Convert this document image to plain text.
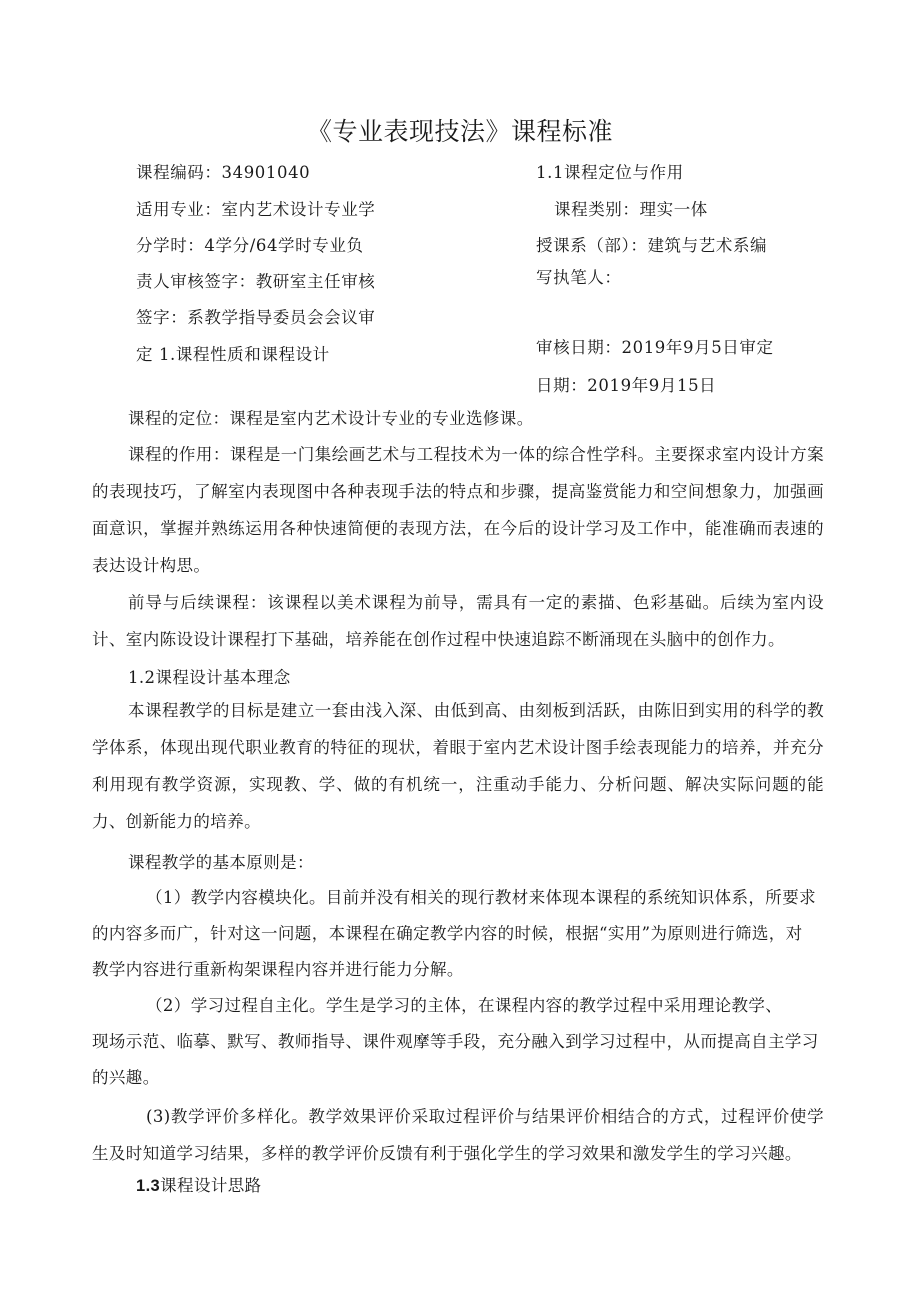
《专业表现技法》课程标准
课程编码：34901040
适用专业：室内艺术设计专业学
分学时：4学分/64学时专业负
责人审核签字：教研室主任审核
签字：系教学指导委员会会议审
定 1.课程性质和课程设计
1.1课程定位与作用
课程类别：理实一体
授课系（部）：建筑与艺术系编
写执笔人：
审核日期：2019年9月5日审定
日期：2019年9月15日

课程的定位：课程是室内艺术设计专业的专业选修课。

课程的作用：课程是一门集绘画艺术与工程技术为一体的综合性学科。主要探求室内设计方案的表现技巧，了解室内表现图中各种表现手法的特点和步骤，提高鉴赏能力和空间想象力，加强画面意识，掌握并熟练运用各种快速简便的表现方法，在今后的设计学习及工作中，能准确而表速的表达设计构思。

前导与后续课程：该课程以美术课程为前导，需具有一定的素描、色彩基础。后续为室内设计、室内陈设设计课程打下基础，培养能在创作过程中快速追踪不断涌现在头脑中的创作力。

1.2课程设计基本理念

本课程教学的目标是建立一套由浅入深、由低到高、由刻板到活跃，由陈旧到实用的科学的教学体系，体现出现代职业教育的特征的现状，着眼于室内艺术设计图手绘表现能力的培养，并充分利用现有教学资源，实现教、学、做的有机统一，注重动手能力、分析问题、解决实际问题的能力、创新能力的培养。

课程教学的基本原则是：
（1）教学内容模块化。目前并没有相关的现行教材来体现本课程的系统知识体系，所要求
的内容多而广，针对这一问题，本课程在确定教学内容的时候，根据“实用”为原则进行筛选，对
教学内容进行重新构架课程内容并进行能力分解。
（2）学习过程自主化。学生是学习的主体，在课程内容的教学过程中采用理论教学、
现场示范、临摹、默写、教师指导、课件观摩等手段，充分融入到学习过程中，从而提高自主学习
的兴趣。

(3)教学评价多样化。教学效果评价采取过程评价与结果评价相结合的方式，过程评价使学生及时知道学习结果，多样的教学评价反馈有利于强化学生的学习效果和激发学生的学习兴趣。

1.3课程设计思路
